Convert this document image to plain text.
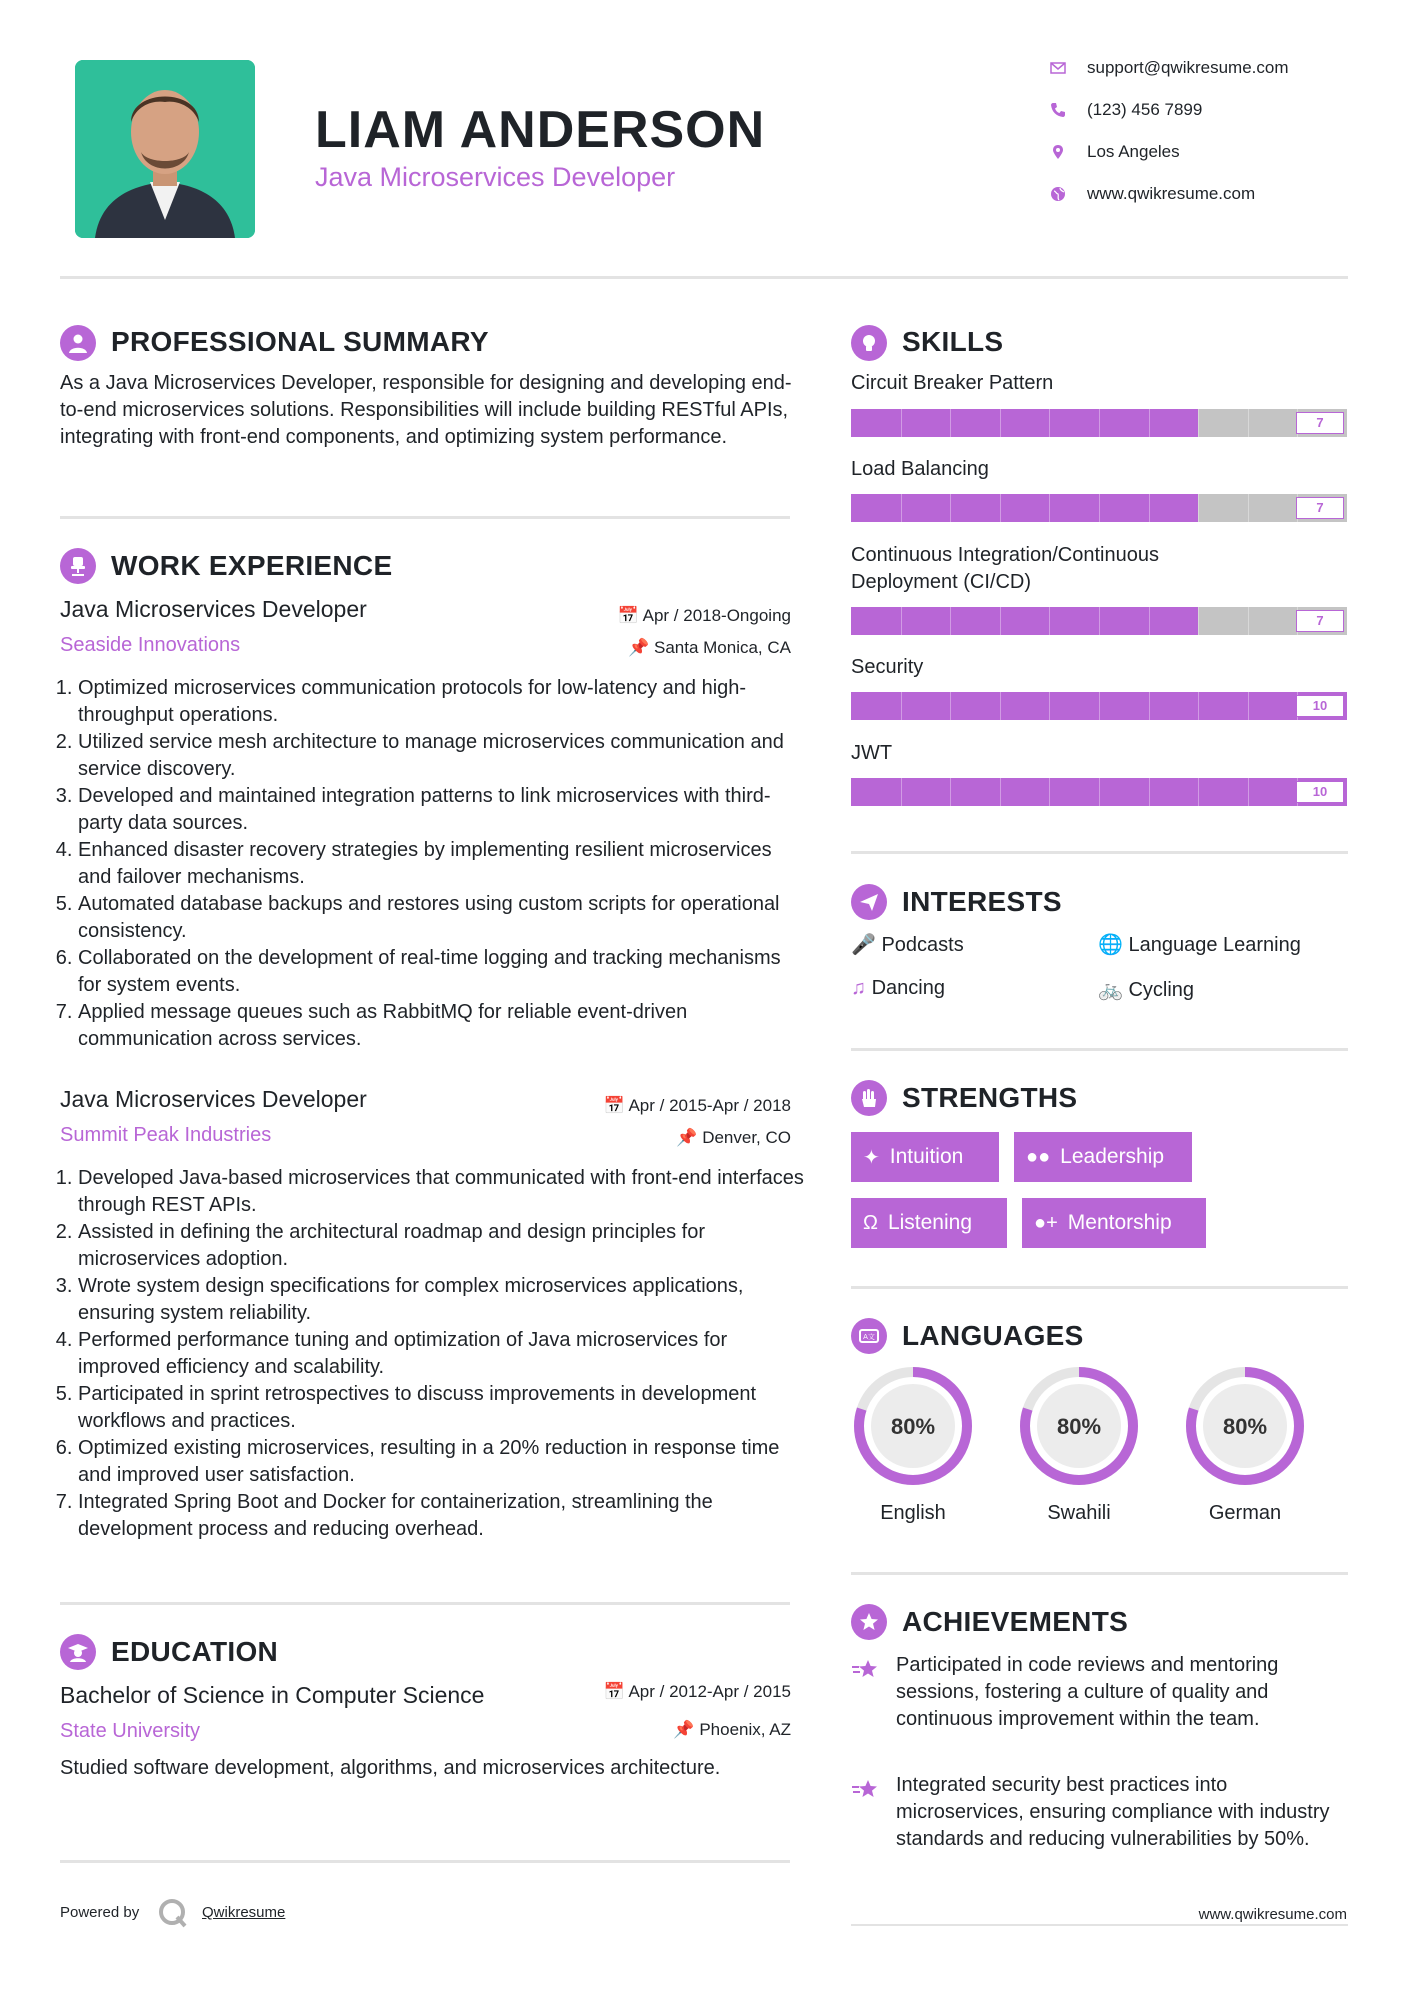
LIAM ANDERSON
Java Microservices Developer
support@qwikresume.com
(123) 456 7899
Los Angeles
www.qwikresume.com
PROFESSIONAL SUMMARY
As a Java Microservices Developer, responsible for designing and developing end-to-end microservices solutions. Responsibilities will include building RESTful APIs, integrating with front-end components, and optimizing system performance.
WORK EXPERIENCE
Java Microservices Developer	📅 Apr / 2018-Ongoing
Seaside Innovations	📌 Santa Monica, CA
1. Optimized microservices communication protocols for low-latency and high-throughput operations.
2. Utilized service mesh architecture to manage microservices communication and service discovery.
3. Developed and maintained integration patterns to link microservices with third-party data sources.
4. Enhanced disaster recovery strategies by implementing resilient microservices and failover mechanisms.
5. Automated database backups and restores using custom scripts for operational consistency.
6. Collaborated on the development of real-time logging and tracking mechanisms for system events.
7. Applied message queues such as RabbitMQ for reliable event-driven communication across services.
Java Microservices Developer	📅 Apr / 2015-Apr / 2018
Summit Peak Industries	📌 Denver, CO
1. Developed Java-based microservices that communicated with front-end interfaces through REST APIs.
2. Assisted in defining the architectural roadmap and design principles for microservices adoption.
3. Wrote system design specifications for complex microservices applications, ensuring system reliability.
4. Performed performance tuning and optimization of Java microservices for improved efficiency and scalability.
5. Participated in sprint retrospectives to discuss improvements in development workflows and practices.
6. Optimized existing microservices, resulting in a 20% reduction in response time and improved user satisfaction.
7. Integrated Spring Boot and Docker for containerization, streamlining the development process and reducing overhead.
EDUCATION
Bachelor of Science in Computer Science	📅 Apr / 2012-Apr / 2015
State University	📌 Phoenix, AZ
Studied software development, algorithms, and microservices architecture.
Powered by	Qwikresume
SKILLS
Circuit Breaker Pattern
7
Load Balancing
7
Continuous Integration/Continuous Deployment (CI/CD)
7
Security
10
JWT
10
INTERESTS
🎤 Podcasts	🌐 Language Learning
♫ Dancing	🚲 Cycling
STRENGTHS
✦ Intuition	●● Leadership
Ω Listening	●+ Mentorship
A文 LANGUAGES
80%
English
80%
Swahili
80%
German
ACHIEVEMENTS
Participated in code reviews and mentoring sessions, fostering a culture of quality and continuous improvement within the team.
Integrated security best practices into microservices, ensuring compliance with industry standards and reducing vulnerabilities by 50%.
www.qwikresume.com
